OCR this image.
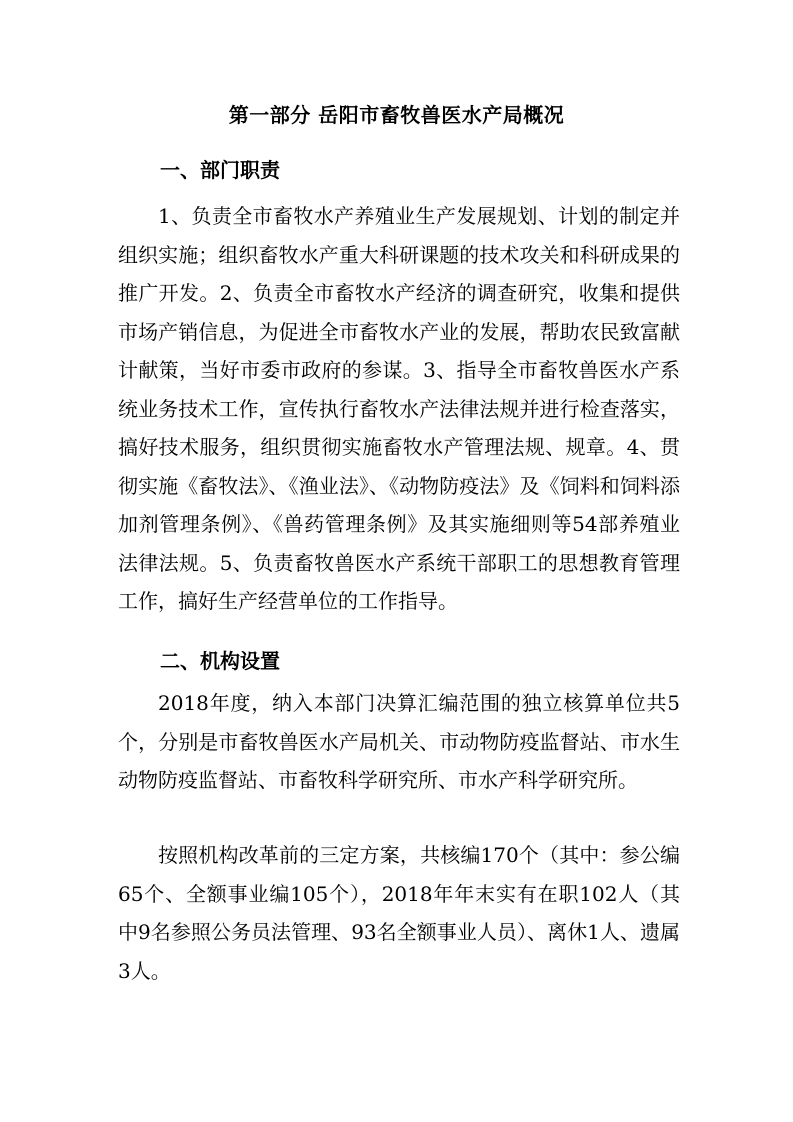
第一部分 岳阳市畜牧兽医水产局概况
一、部门职责

1、负责全市畜牧水产养殖业生产发展规划、计划的制定并组织实施；组织畜牧水产重大科研课题的技术攻关和科研成果的推广开发。2、负责全市畜牧水产经济的调查研究，收集和提供市场产销信息，为促进全市畜牧水产业的发展，帮助农民致富献计献策，当好市委市政府的参谋。3、指导全市畜牧兽医水产系统业务技术工作，宣传执行畜牧水产法律法规并进行检查落实，搞好技术服务，组织贯彻实施畜牧水产管理法规、规章。4、贯彻实施《畜牧法》、《渔业法》、《动物防疫法》及《饲料和饲料添加剂管理条例》、《兽药管理条例》及其实施细则等54部养殖业法律法规。5、负责畜牧兽医水产系统干部职工的思想教育管理工作，搞好生产经营单位的工作指导。

二、机构设置

2018年度，纳入本部门决算汇编范围的独立核算单位共5个，分别是市畜牧兽医水产局机关、市动物防疫监督站、市水生动物防疫监督站、市畜牧科学研究所、市水产科学研究所。

按照机构改革前的三定方案，共核编170个（其中：参公编65个、全额事业编105个），2018年年末实有在职102人（其中9名参照公务员法管理、93名全额事业人员）、离休1人、遗属3人。
